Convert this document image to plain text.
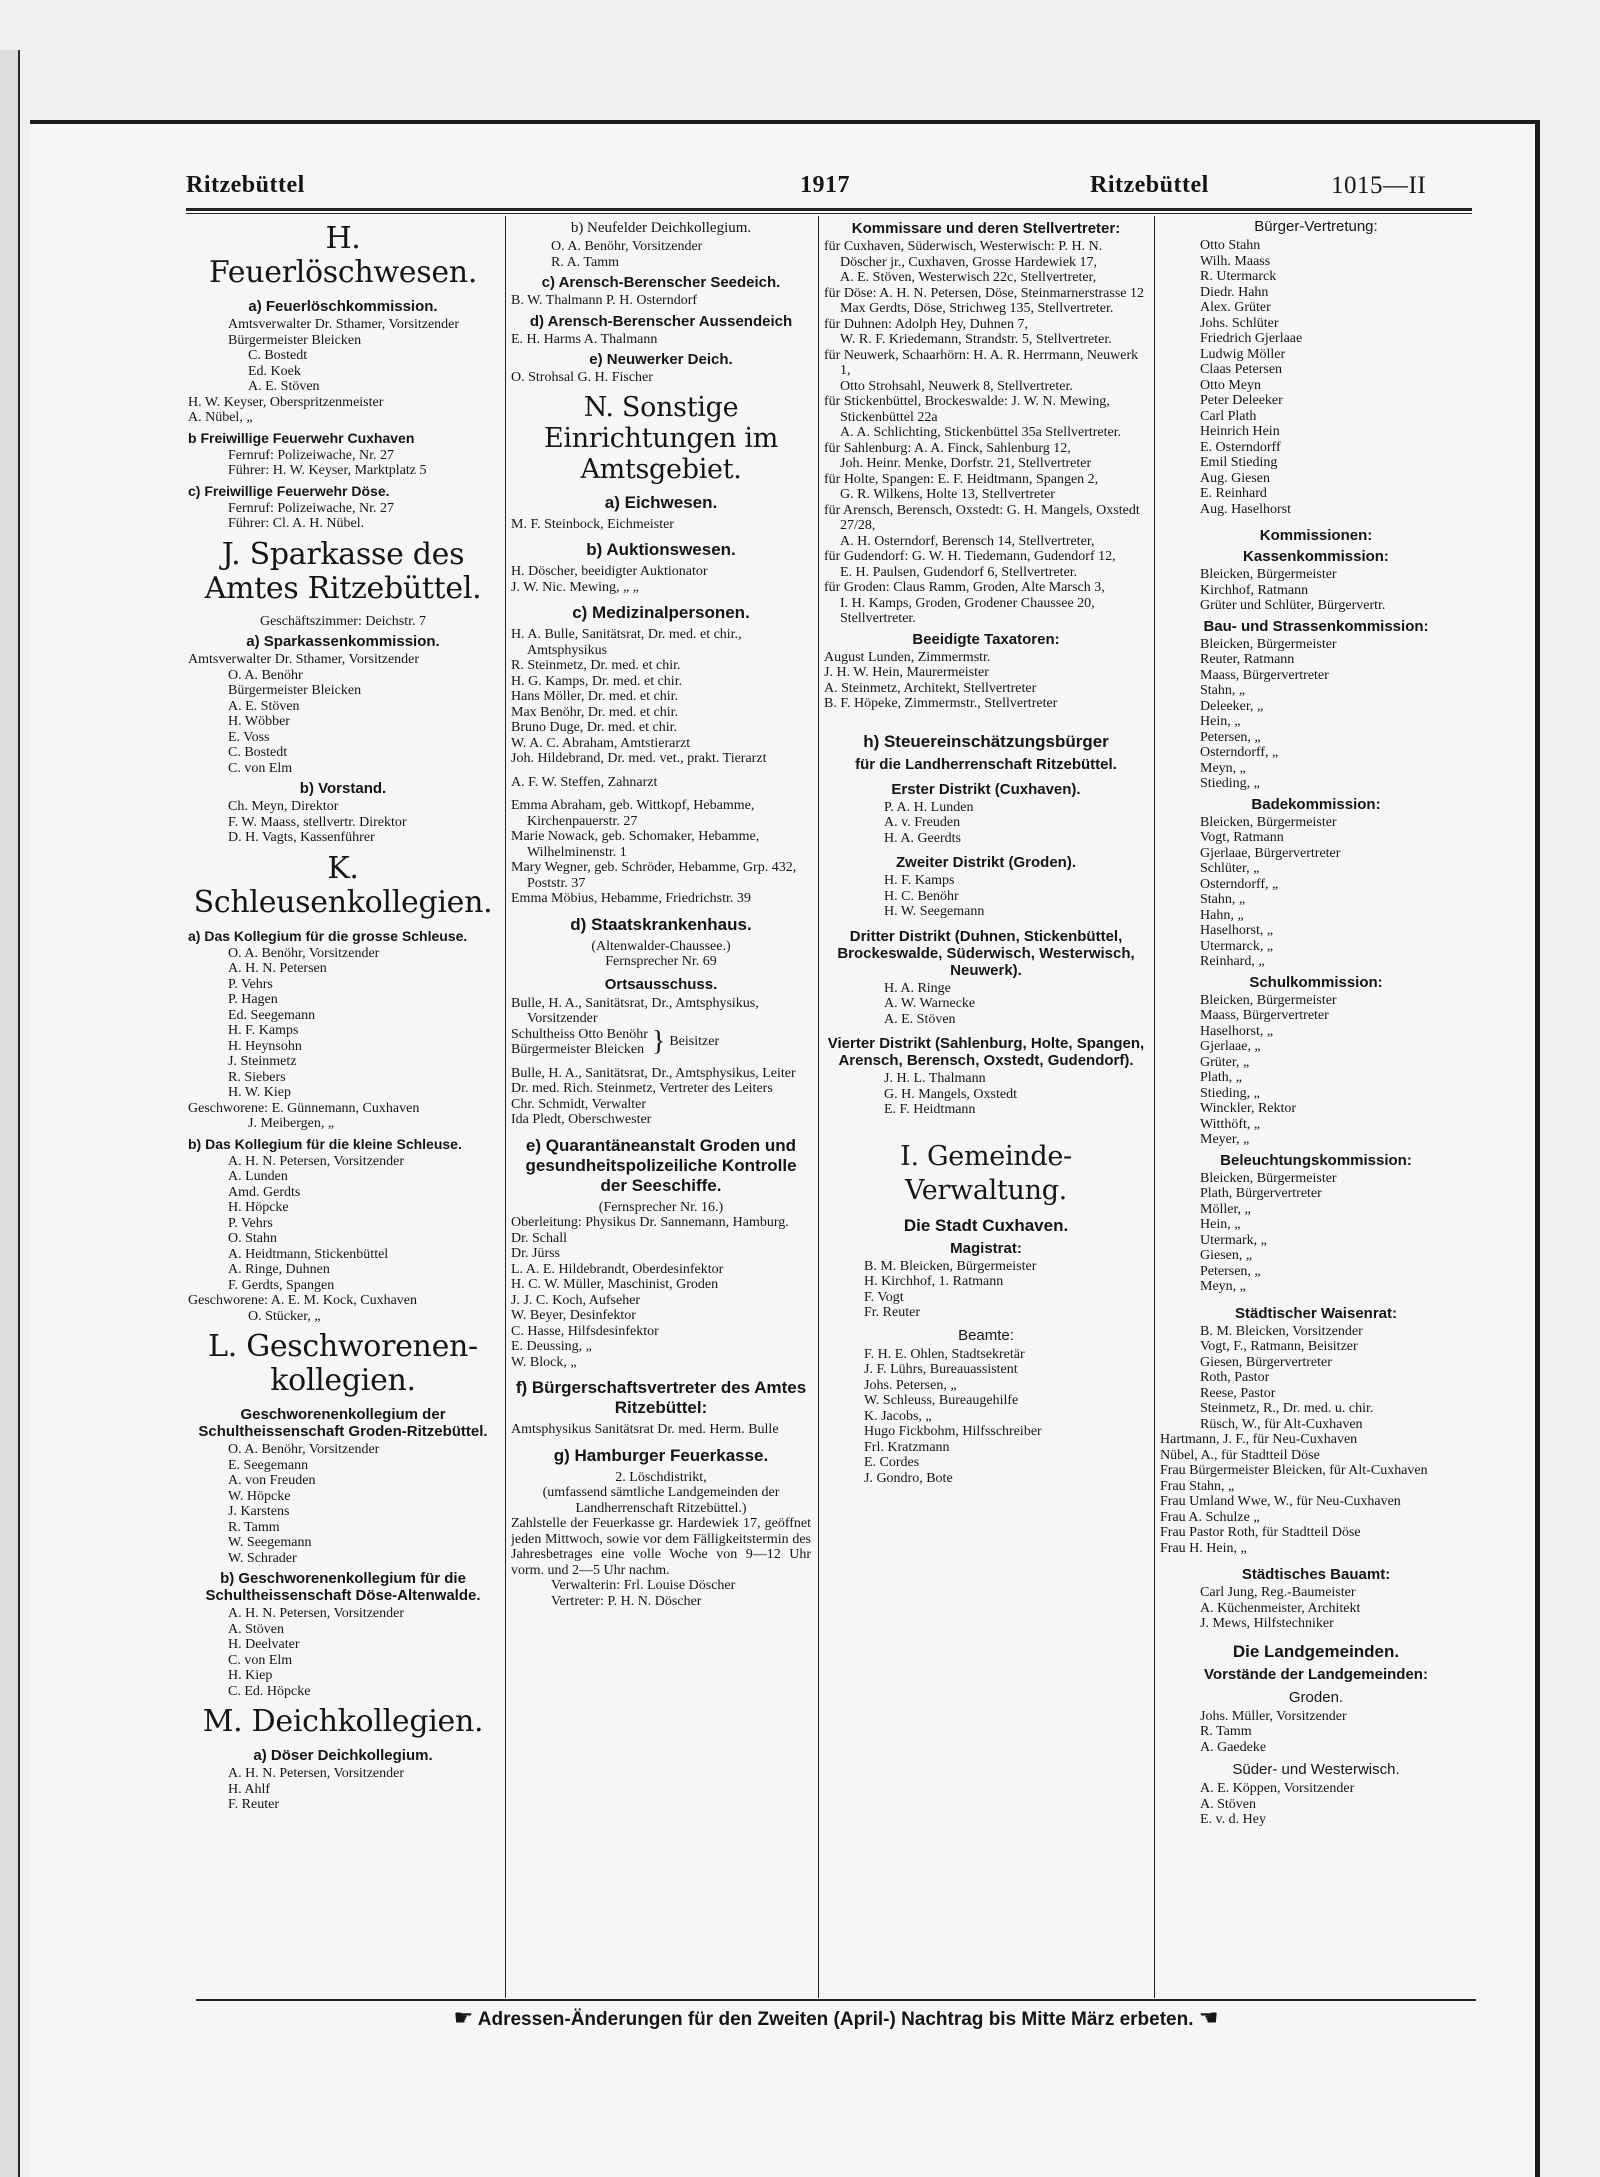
Ritzebüttel	1917	Ritzebüttel	1015—II
H. Feuerlöschwesen.
a) Feuerlöschkommission.
Amtsverwalter Dr. Sthamer, Vorsitzender
Bürgermeister Bleicken
C. Bostedt
Ed. Koek
A. E. Stöven
H. W. Keyser, Oberspritzenmeister
A. Nübel, „
b Freiwillige Feuerwehr Cuxhaven
Fernruf: Polizeiwache, Nr. 27
Führer: H. W. Keyser, Marktplatz 5
c) Freiwillige Feuerwehr Döse.
Fernruf: Polizeiwache, Nr. 27
Führer: Cl. A. H. Nübel.
J. Sparkasse des Amtes Ritzebüttel.
Geschäftszimmer: Deichstr. 7
a) Sparkassenkommission.
Amtsverwalter Dr. Sthamer, Vorsitzender
O. A. Benöhr
Bürgermeister Bleicken
A. E. Stöven
H. Wöbber
E. Voss
C. Bostedt
C. von Elm
b) Vorstand.
Ch. Meyn, Direktor
F. W. Maass, stellvertr. Direktor
D. H. Vagts, Kassenführer
K. Schleusenkollegien.
a) Das Kollegium für die grosse Schleuse.
O. A. Benöhr, Vorsitzender
A. H. N. Petersen
P. Vehrs
P. Hagen
Ed. Seegemann
H. F. Kamps
H. Heynsohn
J. Steinmetz
R. Siebers
H. W. Kiep
Geschworene: E. Günnemann, Cuxhaven
J. Meibergen, „
b) Das Kollegium für die kleine Schleuse.
A. H. N. Petersen, Vorsitzender
A. Lunden
Amd. Gerdts
H. Höpcke
P. Vehrs
O. Stahn
A. Heidtmann, Stickenbüttel
A. Ringe, Duhnen
F. Gerdts, Spangen
Geschworene: A. E. M. Kock, Cuxhaven
O. Stücker, „
L. Geschworenen-kollegien.
Geschworenenkollegium der Schultheissenschaft Groden-Ritzebüttel.
O. A. Benöhr, Vorsitzender
E. Seegemann
A. von Freuden
W. Höpcke
J. Karstens
R. Tamm
W. Seegemann
W. Schrader
b) Geschworenenkollegium für die Schultheissenschaft Döse-Altenwalde.
A. H. N. Petersen, Vorsitzender
A. Stöven
H. Deelvater
C. von Elm
H. Kiep
C. Ed. Höpcke
M. Deichkollegien.
a) Döser Deichkollegium.
A. H. N. Petersen, Vorsitzender
H. Ahlf
F. Reuter
b) Neufelder Deichkollegium.
O. A. Benöhr, Vorsitzender
R. A. Tamm
c) Arensch-Berenscher Seedeich.
B. W. Thalmann P. H. Osterndorf
d) Arensch-Berenscher Aussendeich
E. H. Harms A. Thalmann
e) Neuwerker Deich.
O. Strohsal G. H. Fischer
N. Sonstige Einrichtungen im Amtsgebiet.
a) Eichwesen.
M. F. Steinbock, Eichmeister
b) Auktionswesen.
H. Döscher, beeidigter Auktionator
J. W. Nic. Mewing, „ „
c) Medizinalpersonen.
H. A. Bulle, Sanitätsrat, Dr. med. et chir., Amtsphysikus
R. Steinmetz, Dr. med. et chir.
H. G. Kamps, Dr. med. et chir.
Hans Möller, Dr. med. et chir.
Max Benöhr, Dr. med. et chir.
Bruno Duge, Dr. med. et chir.
W. A. C. Abraham, Amtstierarzt
Joh. Hildebrand, Dr. med. vet., prakt. Tierarzt
A. F. W. Steffen, Zahnarzt
Emma Abraham, geb. Wittkopf, Hebamme, Kirchenpauerstr. 27
Marie Nowack, geb. Schomaker, Hebamme, Wilhelminenstr. 1
Mary Wegner, geb. Schröder, Hebamme, Grp. 432, Poststr. 37
Emma Möbius, Hebamme, Friedrichstr. 39
d) Staatskrankenhaus.
(Altenwalder-Chaussee.)
Fernsprecher Nr. 69
Ortsausschuss.
Bulle, H. A., Sanitätsrat, Dr., Amtsphysikus, Vorsitzender
Schultheiss Otto Benöhr
Bürgermeister Bleicken } Beisitzer
Bulle, H. A., Sanitätsrat, Dr., Amtsphysikus, Leiter
Dr. med. Rich. Steinmetz, Vertreter des Leiters
Chr. Schmidt, Verwalter
Ida Pledt, Oberschwester
e) Quarantäneanstalt Groden und gesundheitspolizeiliche Kontrolle der Seeschiffe.
(Fernsprecher Nr. 16.)
Oberleitung: Physikus Dr. Sannemann, Hamburg.
Dr. Schall
Dr. Jürss
L. A. E. Hildebrandt, Oberdesinfektor
H. C. W. Müller, Maschinist, Groden
J. J. C. Koch, Aufseher
W. Beyer, Desinfektor
C. Hasse, Hilfsdesinfektor
E. Deussing, „
W. Block, „
f) Bürgerschaftsvertreter des Amtes Ritzebüttel:
Amtsphysikus Sanitätsrat Dr. med. Herm. Bulle
g) Hamburger Feuerkasse.
2. Löschdistrikt,
(umfassend sämtliche Landgemeinden der Landherrenschaft Ritzebüttel.)
Zahlstelle der Feuerkasse gr. Hardewiek 17, geöffnet jeden Mittwoch, sowie vor dem Fälligkeitstermin des Jahresbetrages eine volle Woche von 9—12 Uhr vorm. und 2—5 Uhr nachm.
Verwalterin: Frl. Louise Döscher
Vertreter: P. H. N. Döscher
Kommissare und deren Stellvertreter:
für Cuxhaven, Süderwisch, Westerwisch: P. H. N. Döscher jr., Cuxhaven, Grosse Hardewiek 17,
A. E. Stöven, Westerwisch 22c, Stellvertreter,
für Döse: A. H. N. Petersen, Döse, Steinmarnerstrasse 12
Max Gerdts, Döse, Strichweg 135, Stellvertreter.
für Duhnen: Adolph Hey, Duhnen 7,
W. R. F. Kriedemann, Strandstr. 5, Stellvertreter.
für Neuwerk, Schaarhörn: H. A. R. Herrmann, Neuwerk 1,
Otto Strohsahl, Neuwerk 8, Stellvertreter.
für Stickenbüttel, Brockeswalde: J. W. N. Mewing, Stickenbüttel 22a
A. A. Schlichting, Stickenbüttel 35a Stellvertreter.
für Sahlenburg: A. A. Finck, Sahlenburg 12,
Joh. Heinr. Menke, Dorfstr. 21, Stellvertreter
für Holte, Spangen: E. F. Heidtmann, Spangen 2,
G. R. Wilkens, Holte 13, Stellvertreter
für Arensch, Berensch, Oxstedt: G. H. Mangels, Oxstedt 27/28,
A. H. Osterndorf, Berensch 14, Stellvertreter,
für Gudendorf: G. W. H. Tiedemann, Gudendorf 12,
E. H. Paulsen, Gudendorf 6, Stellvertreter.
für Groden: Claus Ramm, Groden, Alte Marsch 3,
I. H. Kamps, Groden, Grodener Chaussee 20, Stellvertreter.
Beeidigte Taxatoren:
August Lunden, Zimmermstr.
J. H. W. Hein, Maurermeister
A. Steinmetz, Architekt, Stellvertreter
B. F. Höpeke, Zimmermstr., Stellvertreter
h) Steuereinschätzungsbürger
für die Landherrenschaft Ritzebüttel.
Erster Distrikt (Cuxhaven).
P. A. H. Lunden
A. v. Freuden
H. A. Geerdts
Zweiter Distrikt (Groden).
H. F. Kamps
H. C. Benöhr
H. W. Seegemann
Dritter Distrikt (Duhnen, Stickenbüttel, Brockeswalde, Süderwisch, Westerwisch, Neuwerk).
H. A. Ringe
A. W. Warnecke
A. E. Stöven
Vierter Distrikt (Sahlenburg, Holte, Spangen, Arensch, Berensch, Oxstedt, Gudendorf).
J. H. L. Thalmann
G. H. Mangels, Oxstedt
E. F. Heidtmann
I. Gemeinde-Verwaltung.
Die Stadt Cuxhaven.
Magistrat:
B. M. Bleicken, Bürgermeister
H. Kirchhof, 1. Ratmann
F. Vogt
Fr. Reuter
Beamte:
F. H. E. Ohlen, Stadtsekretär
J. F. Lührs, Bureauassistent
Johs. Petersen, „
W. Schleuss, Bureaugehilfe
K. Jacobs, „
Hugo Fickbohm, Hilfsschreiber
Frl. Kratzmann
E. Cordes
J. Gondro, Bote
Bürger-Vertretung:
Otto Stahn
Wilh. Maass
R. Utermarck
Diedr. Hahn
Alex. Grüter
Johs. Schlüter
Friedrich Gjerlaae
Ludwig Möller
Claas Petersen
Otto Meyn
Peter Deleeker
Carl Plath
Heinrich Hein
E. Osterndorff
Emil Stieding
Aug. Giesen
E. Reinhard
Aug. Haselhorst
Kommissionen:
Kassenkommission:
Bleicken, Bürgermeister
Kirchhof, Ratmann
Grüter und Schlüter, Bürgervertr.
Bau- und Strassenkommission:
Bleicken, Bürgermeister
Reuter, Ratmann
Maass, Bürgervertreter
Stahn, „
Deleeker, „
Hein, „
Petersen, „
Osterndorff, „
Meyn, „
Stieding, „
Badekommission:
Bleicken, Bürgermeister
Vogt, Ratmann
Gjerlaae, Bürgervertreter
Schlüter, „
Osterndorff, „
Stahn, „
Hahn, „
Haselhorst, „
Utermarck, „
Reinhard, „
Schulkommission:
Bleicken, Bürgermeister
Maass, Bürgervertreter
Haselhorst, „
Gjerlaae, „
Grüter, „
Plath, „
Stieding, „
Winckler, Rektor
Witthöft, „
Meyer, „
Beleuchtungskommission:
Bleicken, Bürgermeister
Plath, Bürgervertreter
Möller, „
Hein, „
Utermark, „
Giesen, „
Petersen, „
Meyn, „
Städtischer Waisenrat:
B. M. Bleicken, Vorsitzender
Vogt, F., Ratmann, Beisitzer
Giesen, Bürgervertreter
Roth, Pastor
Reese, Pastor
Steinmetz, R., Dr. med. u. chir.
Rüsch, W., für Alt-Cuxhaven
Hartmann, J. F., für Neu-Cuxhaven
Nübel, A., für Stadtteil Döse
Frau Bürgermeister Bleicken, für Alt-Cuxhaven
Frau Stahn, „
Frau Umland Wwe, W., für Neu-Cuxhaven
Frau A. Schulze „
Frau Pastor Roth, für Stadtteil Döse
Frau H. Hein, „
Städtisches Bauamt:
Carl Jung, Reg.-Baumeister
A. Küchenmeister, Architekt
J. Mews, Hilfstechniker
Die Landgemeinden.
Vorstände der Landgemeinden:
Groden.
Johs. Müller, Vorsitzender
R. Tamm
A. Gaedeke
Süder- und Westerwisch.
A. E. Köppen, Vorsitzender
A. Stöven
E. v. d. Hey
☛ Adressen-Änderungen für den Zweiten (April-) Nachtrag bis Mitte März erbeten. ☚
